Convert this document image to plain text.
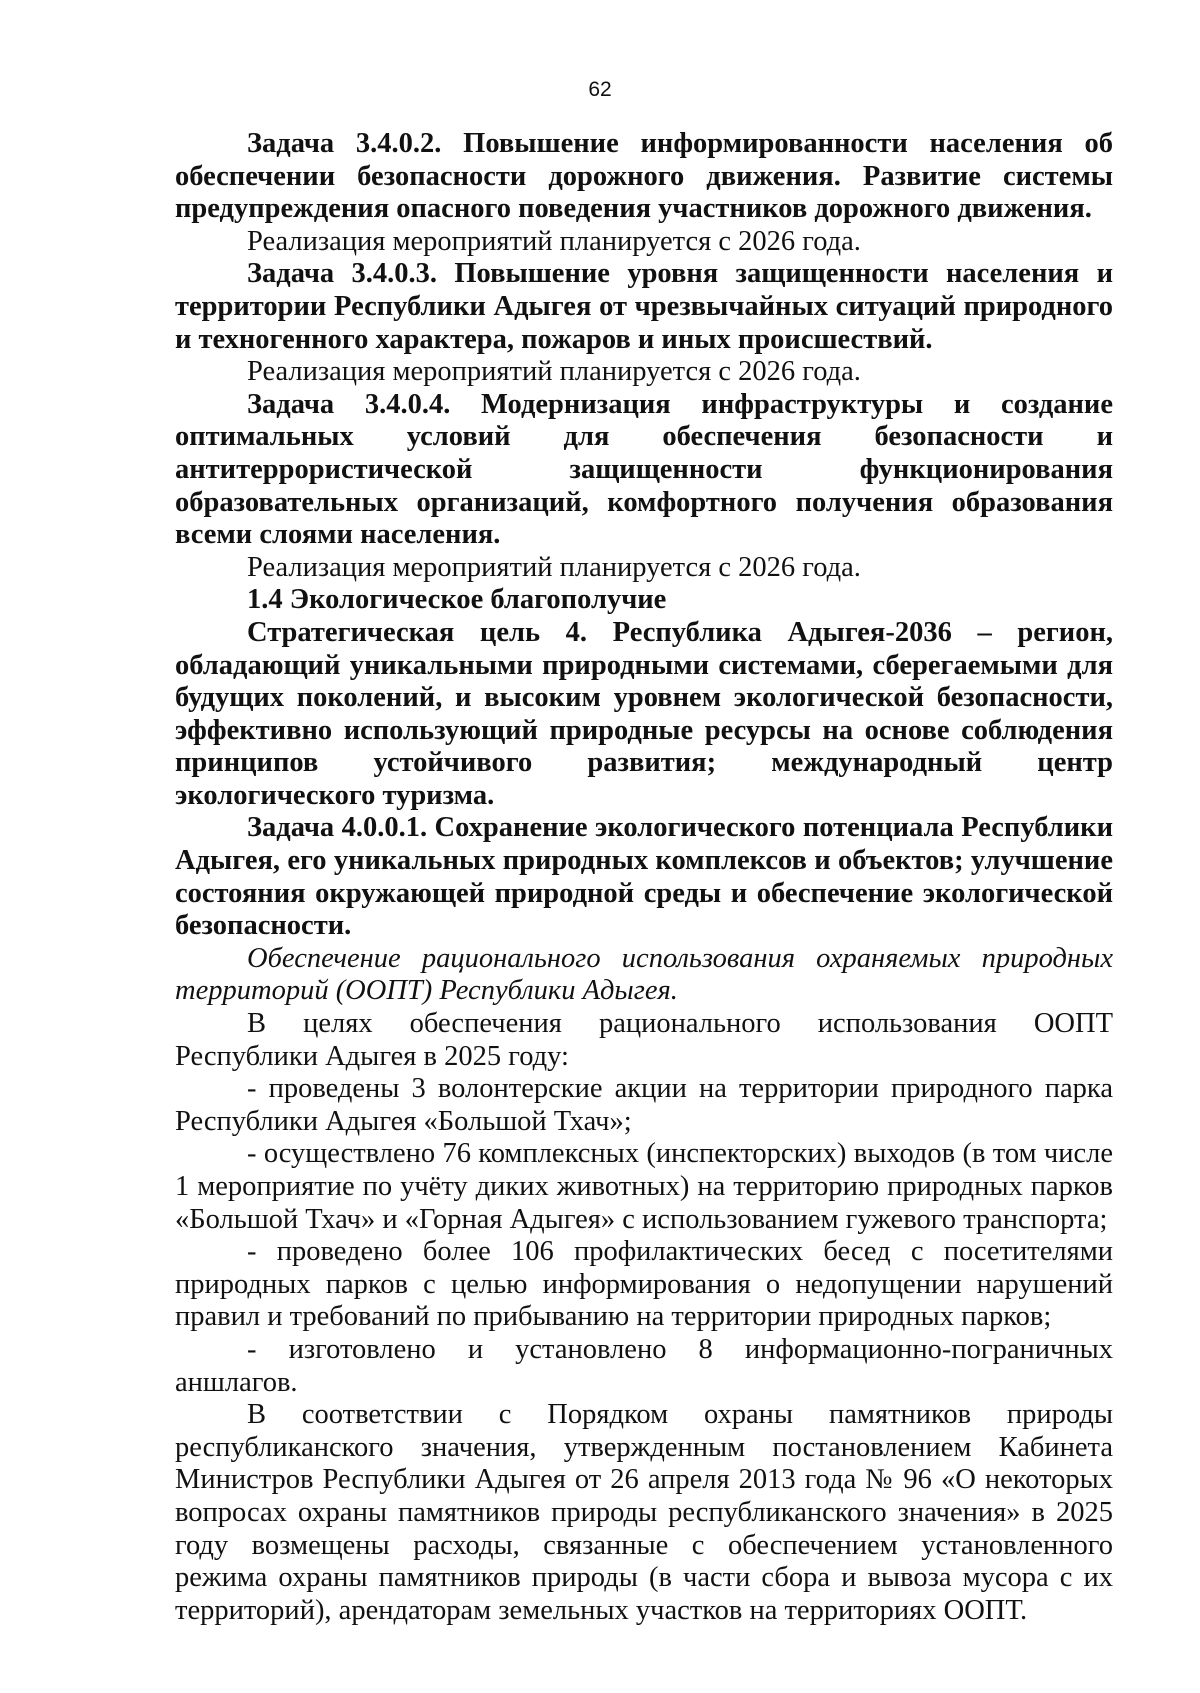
62

Задача 3.4.0.2. Повышение информированности населения об обеспечении безопасности дорожного движения. Развитие системы предупреждения опасного поведения участников дорожного движения.

Реализация мероприятий планируется с 2026 года.

Задача 3.4.0.3. Повышение уровня защищенности населения и территории Республики Адыгея от чрезвычайных ситуаций природного и техногенного характера, пожаров и иных происшествий.

Реализация мероприятий планируется с 2026 года.

Задача 3.4.0.4. Модернизация инфраструктуры и создание оптимальных условий для обеспечения безопасности и антитеррористической защищенности функционирования образовательных организаций, комфортного получения образования всеми слоями населения.

Реализация мероприятий планируется с 2026 года.

1.4 Экологическое благополучие

Стратегическая цель 4. Республика Адыгея-2036 – регион, обладающий уникальными природными системами, сберегаемыми для будущих поколений, и высоким уровнем экологической безопасности, эффективно использующий природные ресурсы на основе соблюдения принципов устойчивого развития; международный центр экологического туризма.

Задача 4.0.0.1. Сохранение экологического потенциала Республики Адыгея, его уникальных природных комплексов и объектов; улучшение состояния окружающей природной среды и обеспечение экологической безопасности.

Обеспечение рационального использования охраняемых природных территорий (ООПТ) Республики Адыгея.

В целях обеспечения рационального использования ООПТ Республики Адыгея в 2025 году:

- проведены 3 волонтерские акции на территории природного парка Республики Адыгея «Большой Тхач»;

- осуществлено 76 комплексных (инспекторских) выходов (в том числе 1 мероприятие по учёту диких животных) на территорию природных парков «Большой Тхач» и «Горная Адыгея» с использованием гужевого транспорта;

- проведено более 106 профилактических бесед с посетителями природных парков с целью информирования о недопущении нарушений правил и требований по прибыванию на территории природных парков;

- изготовлено и установлено 8 информационно-пограничных аншлагов.

В соответствии с Порядком охраны памятников природы республиканского значения, утвержденным постановлением Кабинета Министров Республики Адыгея от 26 апреля 2013 года № 96 «О некоторых вопросах охраны памятников природы республиканского значения» в 2025 году возмещены расходы, связанные с обеспечением установленного режима охраны памятников природы (в части сбора и вывоза мусора с их территорий), арендаторам земельных участков на территориях ООПТ.
